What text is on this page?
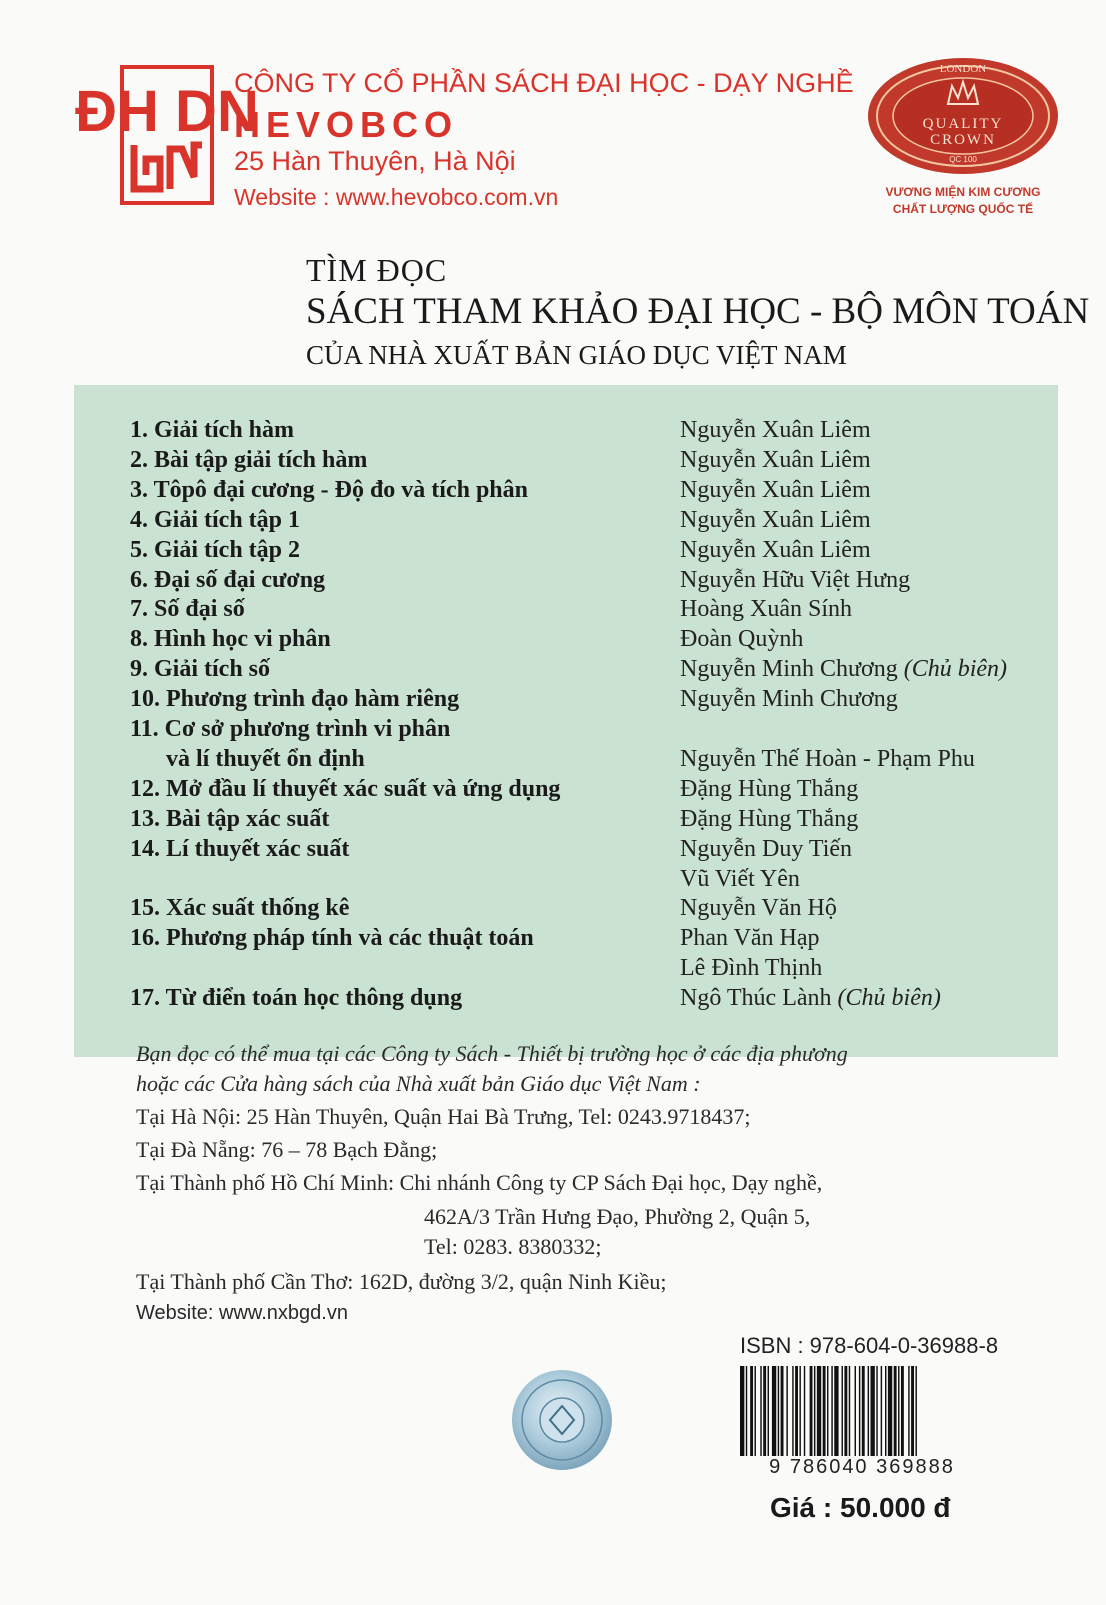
ĐH DN
CÔNG TY CỔ PHẦN SÁCH ĐẠI HỌC - DẠY NGHỀ
HEVOBCO
25 Hàn Thuyên, Hà Nội
Website : www.hevobco.com.vn
LONDON
QUALITY
CROWN
QC 100
VƯƠNG MIỆN KIM CƯƠNG
CHẤT LƯỢNG QUỐC TẾ
TÌM ĐỌC
SÁCH THAM KHẢO ĐẠI HỌC - BỘ MÔN TOÁN
CỦA NHÀ XUẤT BẢN GIÁO DỤC VIỆT NAM
1. Giải tích hàm	Nguyễn Xuân Liêm
2. Bài tập giải tích hàm	Nguyễn Xuân Liêm
3. Tôpô đại cương - Độ đo và tích phân	Nguyễn Xuân Liêm
4. Giải tích tập 1	Nguyễn Xuân Liêm
5. Giải tích tập 2	Nguyễn Xuân Liêm
6. Đại số đại cương	Nguyễn Hữu Việt Hưng
7. Số đại số	Hoàng Xuân Sính
8. Hình học vi phân	Đoàn Quỳnh
9. Giải tích số	Nguyễn Minh Chương (Chủ biên)
10. Phương trình đạo hàm riêng	Nguyễn Minh Chương
11. Cơ sở phương trình vi phân
và lí thuyết ổn định	Nguyễn Thế Hoàn - Phạm Phu
12. Mở đầu lí thuyết xác suất và ứng dụng	Đặng Hùng Thắng
13. Bài tập xác suất	Đặng Hùng Thắng
14. Lí thuyết xác suất	Nguyễn Duy Tiến
Vũ Viết Yên
15. Xác suất thống kê	Nguyễn Văn Hộ
16. Phương pháp tính và các thuật toán	Phan Văn Hạp
Lê Đình Thịnh
17. Từ điển toán học thông dụng	Ngô Thúc Lành (Chủ biên)
Bạn đọc có thể mua tại các Công ty Sách - Thiết bị trường học ở các địa phương
hoặc các Cửa hàng sách của Nhà xuất bản Giáo dục Việt Nam :
Tại Hà Nội: 25 Hàn Thuyên, Quận Hai Bà Trưng, Tel: 0243.9718437;
Tại Đà Nẵng: 76 – 78 Bạch Đằng;
Tại Thành phố Hồ Chí Minh: Chi nhánh Công ty CP Sách Đại học, Dạy nghề,
462A/3 Trần Hưng Đạo, Phường 2, Quận 5,
Tel: 0283. 8380332;
Tại Thành phố Cần Thơ: 162D, đường 3/2, quận Ninh Kiều;
Website: www.nxbgd.vn
ISBN : 978-604-0-36988-8
9 786040 369888
Giá : 50.000 đ
